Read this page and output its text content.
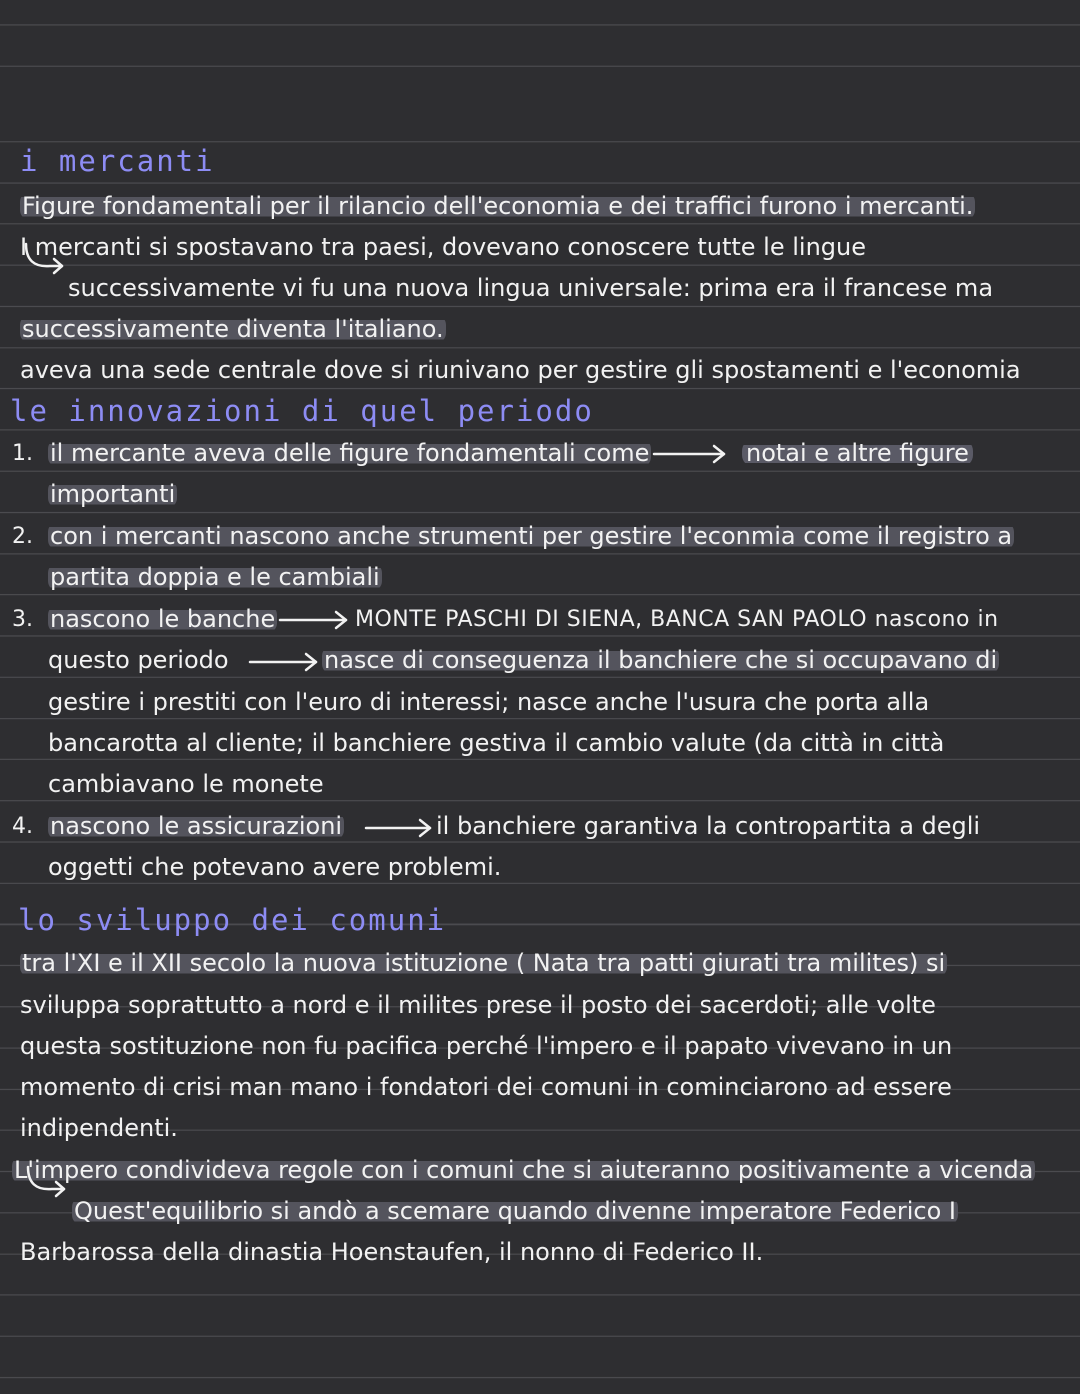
i mercanti
Figure fondamentali per il rilancio dell'economia e dei traffici furono i mercanti.
I mercanti si spostavano tra paesi, dovevano conoscere tutte le lingue
successivamente vi fu una nuova lingua universale: prima era il francese ma
successivamente diventa l'italiano.
aveva una sede centrale dove si riunivano per gestire gli spostamenti e l'economia
le innovazioni di quel periodo
1. il mercante aveva delle figure fondamentali come	notai e altre figure
importanti
2. con i mercanti nascono anche strumenti per gestire l'econmia come il registro a
partita doppia e le cambiali
3. nascono le banche	MONTE PASCHI DI SIENA, BANCA SAN PAOLO nascono in
questo periodo	nasce di conseguenza il banchiere che si occupavano di
gestire i prestiti con l'euro di interessi; nasce anche l'usura che porta alla
bancarotta al cliente; il banchiere gestiva il cambio valute (da città in città
cambiavano le monete
4. nascono le assicurazioni	il banchiere garantiva la contropartita a degli
oggetti che potevano avere problemi.
lo sviluppo dei comuni
tra l'XI e il XII secolo la nuova istituzione ( Nata tra patti giurati tra milites) si
sviluppa soprattutto a nord e il milites prese il posto dei sacerdoti; alle volte
questa sostituzione non fu pacifica perché l'impero e il papato vivevano in un
momento di crisi man mano i fondatori dei comuni in cominciarono ad essere
indipendenti.
L'impero condivideva regole con i comuni che si aiuteranno positivamente a vicenda
Quest'equilibrio si andò a scemare quando divenne imperatore Federico I
Barbarossa della dinastia Hoenstaufen, il nonno di Federico II.
